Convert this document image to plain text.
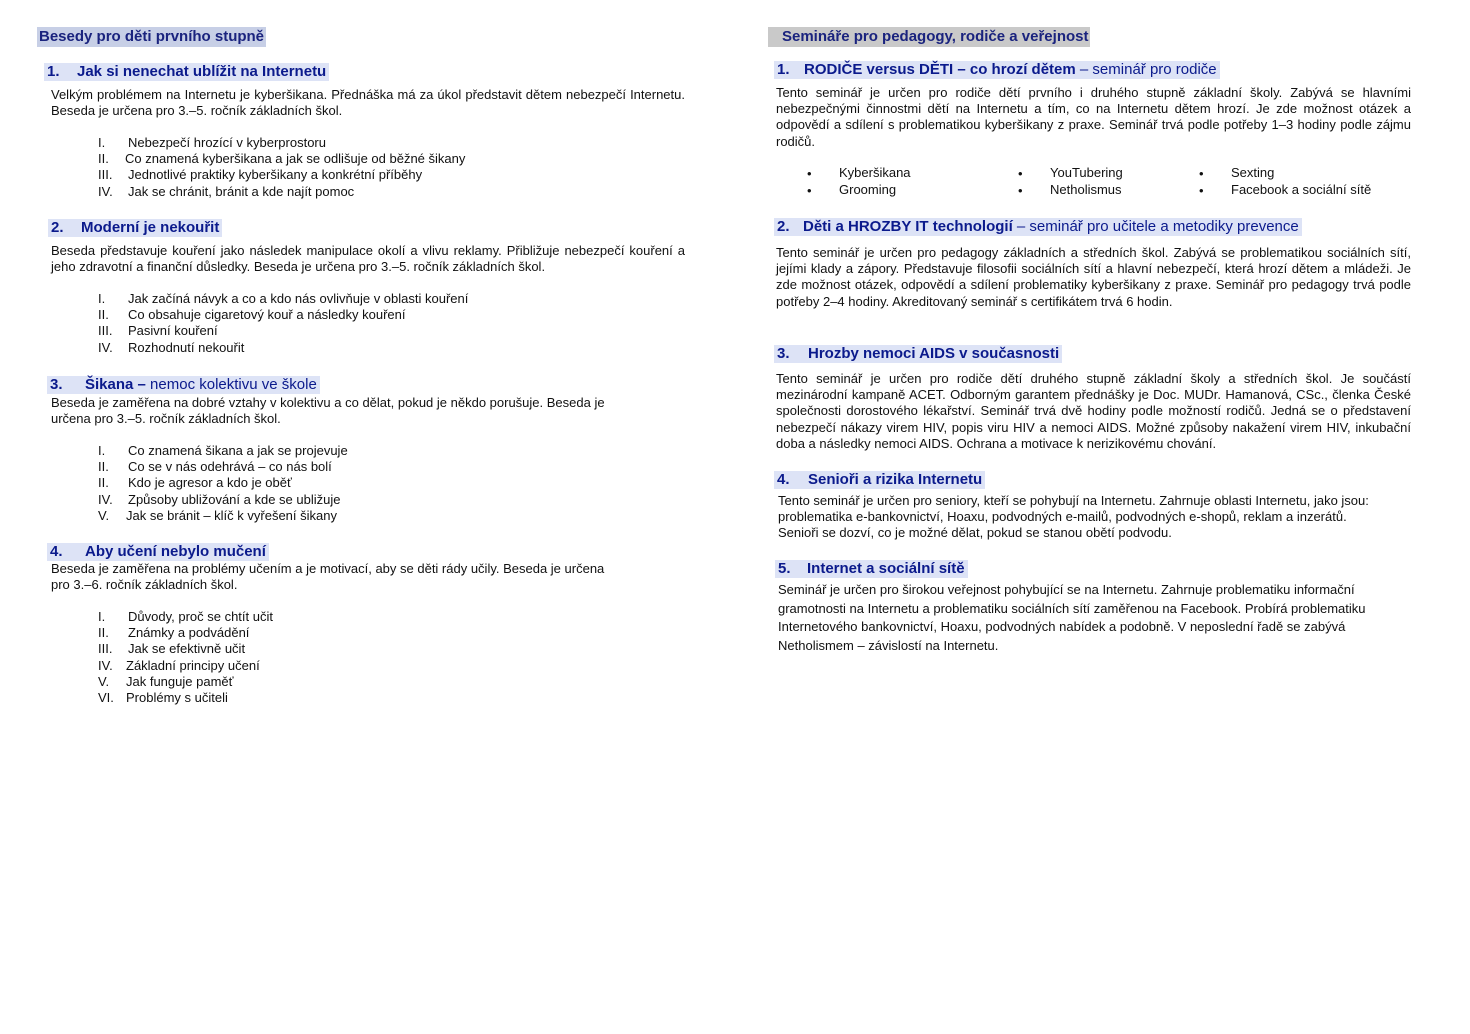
Besedy pro děti prvního stupně
1. Jak si nenechat ublížit na Internetu
Velkým problémem na Internetu je kyberšikana. Přednáška má za úkol představit dětem nebezpečí Internetu. Beseda je určena pro 3.–5. ročník základních škol.
I. Nebezpečí hrozící v kyberprostoru
II. Co znamená kyberšikana a jak se odlišuje od běžné šikany
III. Jednotlivé praktiky kyberšikany a konkrétní příběhy
IV. Jak se chránit, bránit a kde najít pomoc
2. Moderní je nekouřit
Beseda představuje kouření jako následek manipulace okolí a vlivu reklamy. Přibližuje nebezpečí kouření a jeho zdravotní a finanční důsledky. Beseda je určena pro 3.–5. ročník základních škol.
I. Jak začíná návyk a co a kdo nás ovlivňuje v oblasti kouření
II. Co obsahuje cigaretový kouř a následky kouření
III. Pasivní kouření
IV. Rozhodnutí nekouřit
3. Šikana – nemoc kolektivu ve škole
Beseda je zaměřena na dobré vztahy v kolektivu a co dělat, pokud je někdo porušuje. Beseda je určena pro 3.–5. ročník základních škol.
I. Co znamená šikana a jak se projevuje
II. Co se v nás odehrává – co nás bolí
II. Kdo je agresor a kdo je oběť
IV. Způsoby ubližování a kde se ubližuje
V. Jak se bránit – klíč k vyřešení šikany
4. Aby učení nebylo mučení
Beseda je zaměřena na problémy učením a je motivací, aby se děti rády učily. Beseda je určena pro 3.–6. ročník základních škol.
I. Důvody, proč se chtít učit
II. Známky a podvádění
III. Jak se efektivně učit
IV. Základní principy učení
V. Jak funguje paměť
VI. Problémy s učiteli
Semináře pro pedagogy, rodiče a veřejnost
1. RODIČE versus DĚTI – co hrozí dětem – seminář pro rodiče
Tento seminář je určen pro rodiče dětí prvního i druhého stupně základní školy. Zabývá se hlavními nebezpečnými činnostmi dětí na Internetu a tím, co na Internetu dětem hrozí. Je zde možnost otázek a odpovědí a sdílení s problematikou kyberšikany z praxe. Seminář trvá podle potřeby 1–3 hodiny podle zájmu rodičů.
• Kyberšikana
• Grooming
• YouTubering
• Netholismus
• Sexting
• Facebook a sociální sítě
2. Děti a HROZBY IT technologií – seminář pro učitele a metodiky prevence
Tento seminář je určen pro pedagogy základních a středních škol. Zabývá se problematikou sociálních sítí, jejími klady a zápory. Představuje filosofii sociálních sítí a hlavní nebezpečí, která hrozí dětem a mládeži. Je zde možnost otázek, odpovědí a sdílení problematiky kyberšikany z praxe. Seminář pro pedagogy trvá podle potřeby 2–4 hodiny. Akreditovaný seminář s certifikátem trvá 6 hodin.
3. Hrozby nemoci AIDS v současnosti
Tento seminář je určen pro rodiče dětí druhého stupně základní školy a středních škol. Je součástí mezinárodní kampaně ACET. Odborným garantem přednášky je Doc. MUDr. Hamanová, CSc., členka České společnosti dorostového lékařství. Seminář trvá dvě hodiny podle možností rodičů. Jedná se o představení nebezpečí nákazy virem HIV, popis viru HIV a nemoci AIDS. Možné způsoby nakažení virem HIV, inkubační doba a následky nemoci AIDS. Ochrana a motivace k nerizikovému chování.
4. Senioři a rizika Internetu
Tento seminář je určen pro seniory, kteří se pohybují na Internetu. Zahrnuje oblasti Internetu, jako jsou: problematika e-bankovnictví, Hoaxu, podvodných e-mailů, podvodných e-shopů, reklam a inzerátů. Senioři se dozví, co je možné dělat, pokud se stanou obětí podvodu.
5. Internet a sociální sítě
Seminář je určen pro širokou veřejnost pohybující se na Internetu. Zahrnuje problematiku informační gramotnosti na Internetu a problematiku sociálních sítí zaměřenou na Facebook. Probírá problematiku Internetového bankovnictví, Hoaxu, podvodných nabídek a podobně. V neposlední řadě se zabývá Netholismem – závislostí na Internetu.
